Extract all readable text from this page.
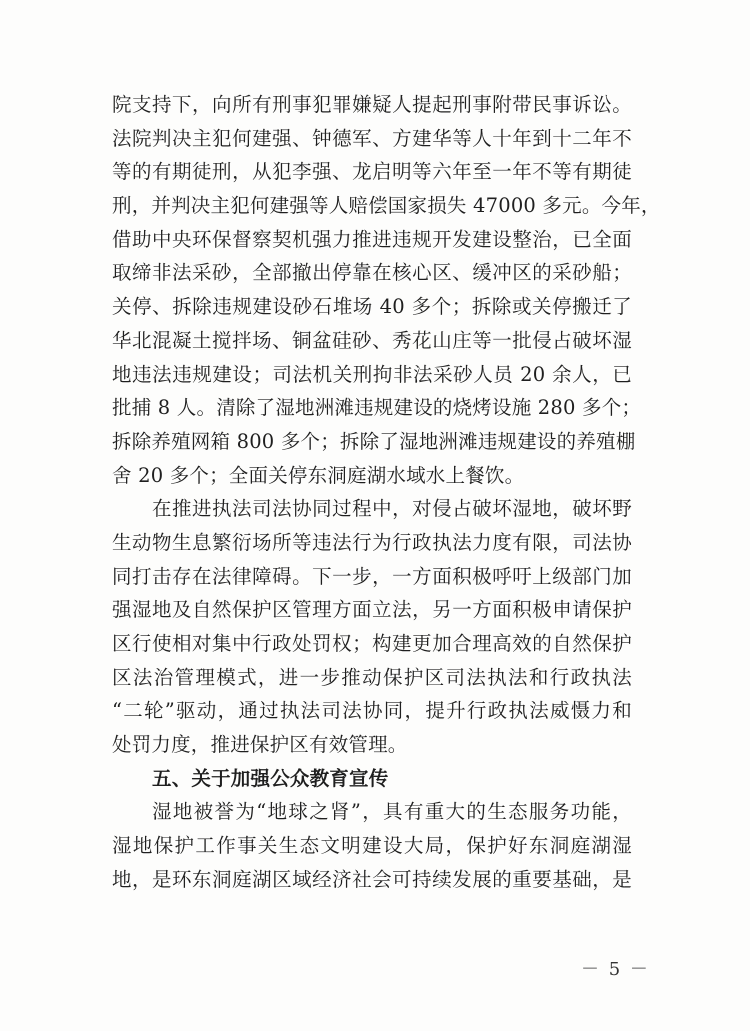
院支持下，向所有刑事犯罪嫌疑人提起刑事附带民事诉讼。
法院判决主犯何建强、钟德军、方建华等人十年到十二年不
等的有期徒刑，从犯李强、龙启明等六年至一年不等有期徒
刑，并判决主犯何建强等人赔偿国家损失 47000 多元。今年，
借助中央环保督察契机强力推进违规开发建设整治，已全面
取缔非法采砂，全部撤出停靠在核心区、缓冲区的采砂船；
关停、拆除违规建设砂石堆场 40 多个；拆除或关停搬迁了
华北混凝土搅拌场、铜盆硅砂、秀花山庄等一批侵占破坏湿
地违法违规建设；司法机关刑拘非法采砂人员 20 余人，已
批捕 8 人。清除了湿地洲滩违规建设的烧烤设施 280 多个；
拆除养殖网箱 800 多个；拆除了湿地洲滩违规建设的养殖棚
舍 20 多个；全面关停东洞庭湖水域水上餐饮。
在推进执法司法协同过程中，对侵占破坏湿地，破坏野
生动物生息繁衍场所等违法行为行政执法力度有限，司法协
同打击存在法律障碍。下一步，一方面积极呼吁上级部门加
强湿地及自然保护区管理方面立法，另一方面积极申请保护
区行使相对集中行政处罚权；构建更加合理高效的自然保护
区法治管理模式，进一步推动保护区司法执法和行政执法
“二轮”驱动，通过执法司法协同，提升行政执法威慑力和
处罚力度，推进保护区有效管理。
五、关于加强公众教育宣传
湿地被誉为“地球之肾”，具有重大的生态服务功能，
湿地保护工作事关生态文明建设大局，保护好东洞庭湖湿
地，是环东洞庭湖区域经济社会可持续发展的重要基础，是
－ 5 －
